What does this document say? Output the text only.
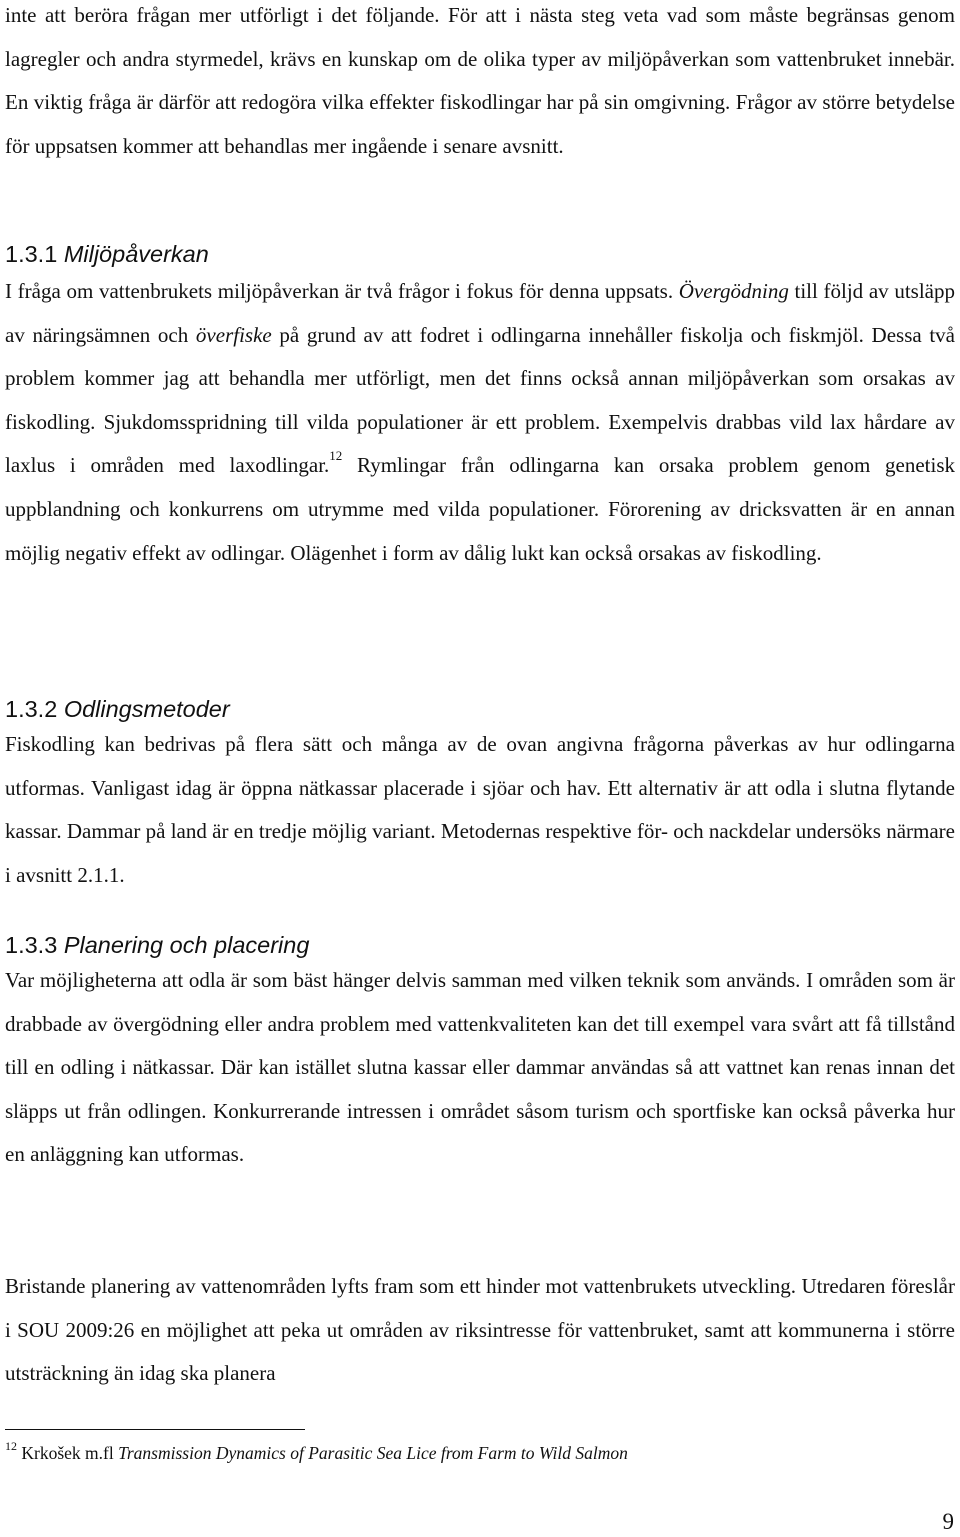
inte att beröra frågan mer utförligt i det följande. För att i nästa steg veta vad som måste begränsas genom lagregler och andra styrmedel, krävs en kunskap om de olika typer av miljöpåverkan som vattenbruket innebär. En viktig fråga är därför att redogöra vilka effekter fiskodlingar har på sin omgivning. Frågor av större betydelse för uppsatsen kommer att behandlas mer ingående i senare avsnitt.

1.3.1 Miljöpåverkan

I fråga om vattenbrukets miljöpåverkan är två frågor i fokus för denna uppsats. Övergödning till följd av utsläpp av näringsämnen och överfiske på grund av att fodret i odlingarna innehåller fiskolja och fiskmjöl. Dessa två problem kommer jag att behandla mer utförligt, men det finns också annan miljöpåverkan som orsakas av fiskodling. Sjukdomsspridning till vilda populationer är ett problem. Exempelvis drabbas vild lax hårdare av laxlus i områden med laxodlingar.$^{12}$ Rymlingar från odlingarna kan orsaka problem genom genetisk uppblandning och konkurrens om utrymme med vilda populationer. Förorening av dricksvatten är en annan möjlig negativ effekt av odlingar. Olägenhet i form av dålig lukt kan också orsakas av fiskodling.

1.3.2 Odlingsmetoder

Fiskodling kan bedrivas på flera sätt och många av de ovan angivna frågorna påverkas av hur odlingarna utformas. Vanligast idag är öppna nätkassar placerade i sjöar och hav. Ett alternativ är att odla i slutna flytande kassar. Dammar på land är en tredje möjlig variant. Metodernas respektive för- och nackdelar undersöks närmare i avsnitt 2.1.1.

1.3.3 Planering och placering

Var möjligheterna att odla är som bäst hänger delvis samman med vilken teknik som används. I områden som är drabbade av övergödning eller andra problem med vattenkvaliteten kan det till exempel vara svårt att få tillstånd till en odling i nätkassar. Där kan istället slutna kassar eller dammar användas så att vattnet kan renas innan det släpps ut från odlingen. Konkurrerande intressen i området såsom turism och sportfiske kan också påverka hur en anläggning kan utformas.

Bristande planering av vattenområden lyfts fram som ett hinder mot vattenbrukets utveckling. Utredaren föreslår i SOU 2009:26 en möjlighet att peka ut områden av riksintresse för vattenbruket, samt att kommunerna i större utsträckning än idag ska planera

$^{12}$ Krkošek m.fl Transmission Dynamics of Parasitic Sea Lice from Farm to Wild Salmon

9
